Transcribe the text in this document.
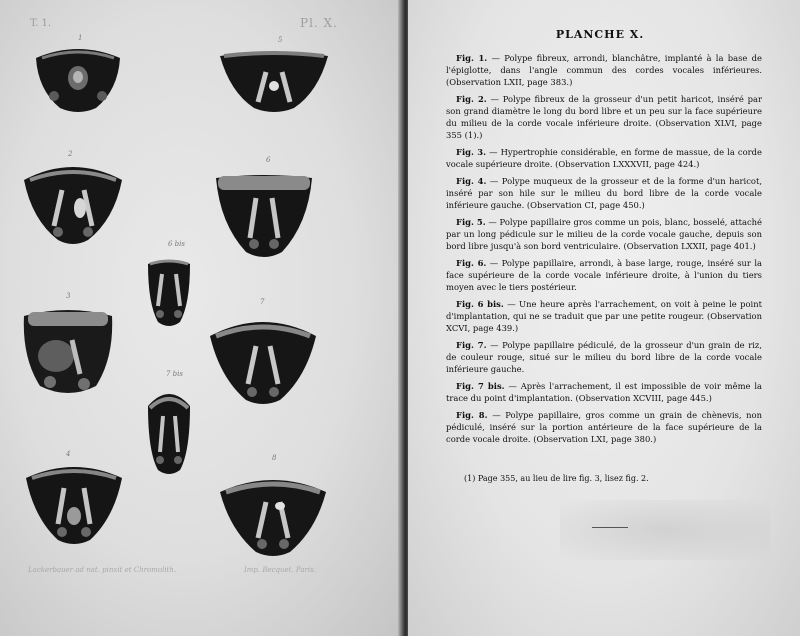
T. 1.	Pl. X.
1
2
3
4
5
6
6 bis
7
7 bis
8
Lackerbauer ad nat. pinxit et Chromolith.	Imp. Becquet. Paris.
PLANCHE X.

Fig. 1. — Polype fibreux, arrondi, blanchâtre, implanté à la base de l'épiglotte, dans l'angle commun des cordes vocales inférieures. (Observation LXII, page 383.)

Fig. 2. — Polype fibreux de la grosseur d'un petit haricot, inséré par son grand diamètre le long du bord libre et un peu sur la face supérieure du milieu de la corde vocale inférieure droite. (Observation XLVI, page 355 (1).)

Fig. 3. — Hypertrophie considérable, en forme de massue, de la corde vocale supérieure droite. (Observation LXXXVII, page 424.)

Fig. 4. — Polype muqueux de la grosseur et de la forme d'un haricot, inséré par son hile sur le milieu du bord libre de la corde vocale inférieure gauche. (Observation CI, page 450.)

Fig. 5. — Polype papillaire gros comme un pois, blanc, bosselé, attaché par un long pédicule sur le milieu de la corde vocale gauche, depuis son bord libre jusqu'à son bord ventriculaire. (Observation LXXII, page 401.)

Fig. 6. — Polype papillaire, arrondi, à base large, rouge, inséré sur la face supérieure de la corde vocale inférieure droite, à l'union du tiers moyen avec le tiers postérieur.

Fig. 6 bis. — Une heure après l'arrachement, on voit à peine le point d'implantation, qui ne se traduit que par une petite rougeur. (Observation XCVI, page 439.)

Fig. 7. — Polype papillaire pédiculé, de la grosseur d'un grain de riz, de couleur rouge, situé sur le milieu du bord libre de la corde vocale inférieure gauche.

Fig. 7 bis. — Après l'arrachement, il est impossible de voir même la trace du point d'implantation. (Observation XCVIII, page 445.)

Fig. 8. — Polype papillaire, gros comme un grain de chènevis, non pédiculé, inséré sur la portion antérieure de la face supérieure de la corde vocale droite. (Observation LXI, page 380.)

(1) Page 355, au lieu de lire fig. 3, lisez fig. 2.
